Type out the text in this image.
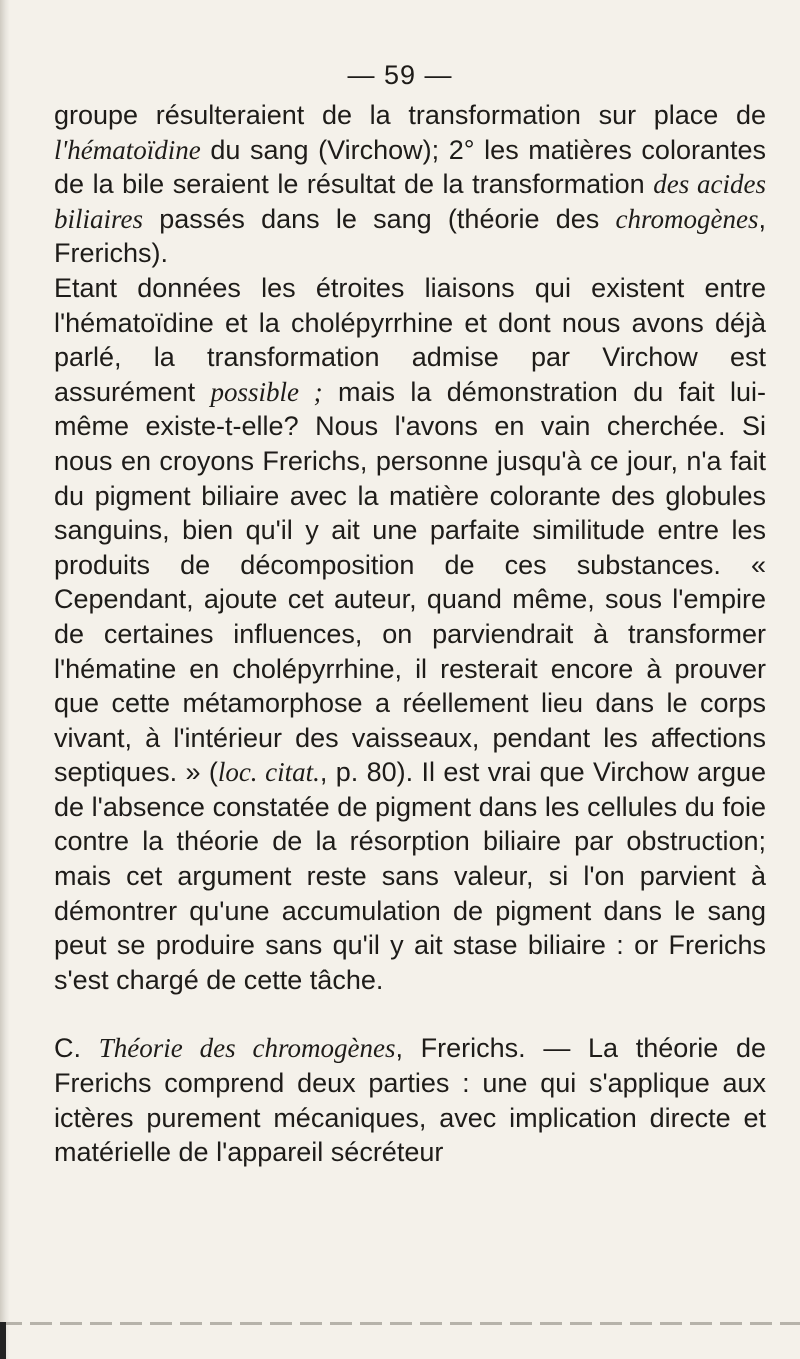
— 59 —

groupe résulteraient de la transformation sur place de l'hématoïdine du sang (Virchow); 2° les matières colorantes de la bile seraient le résultat de la transformation des acides biliaires passés dans le sang (théorie des chromogènes, Frerichs).

Etant données les étroites liaisons qui existent entre l'hématoïdine et la cholépyrrhine et dont nous avons déjà parlé, la transformation admise par Virchow est assurément possible ; mais la démonstration du fait lui-même existe-t-elle? Nous l'avons en vain cherchée. Si nous en croyons Frerichs, personne jusqu'à ce jour, n'a fait du pigment biliaire avec la matière colorante des globules sanguins, bien qu'il y ait une parfaite similitude entre les produits de décomposition de ces substances. « Cependant, ajoute cet auteur, quand même, sous l'empire de certaines influences, on parviendrait à transformer l'hématine en cholépyrrhine, il resterait encore à prouver que cette métamorphose a réellement lieu dans le corps vivant, à l'intérieur des vaisseaux, pendant les affections septiques. » (loc. citat., p. 80). Il est vrai que Virchow argue de l'absence constatée de pigment dans les cellules du foie contre la théorie de la résorption biliaire par obstruction; mais cet argument reste sans valeur, si l'on parvient à démontrer qu'une accumulation de pigment dans le sang peut se produire sans qu'il y ait stase biliaire : or Frerichs s'est chargé de cette tâche.

C. Théorie des chromogènes, Frerichs. — La théorie de Frerichs comprend deux parties : une qui s'applique aux ictères purement mécaniques, avec implication directe et matérielle de l'appareil sécréteur
